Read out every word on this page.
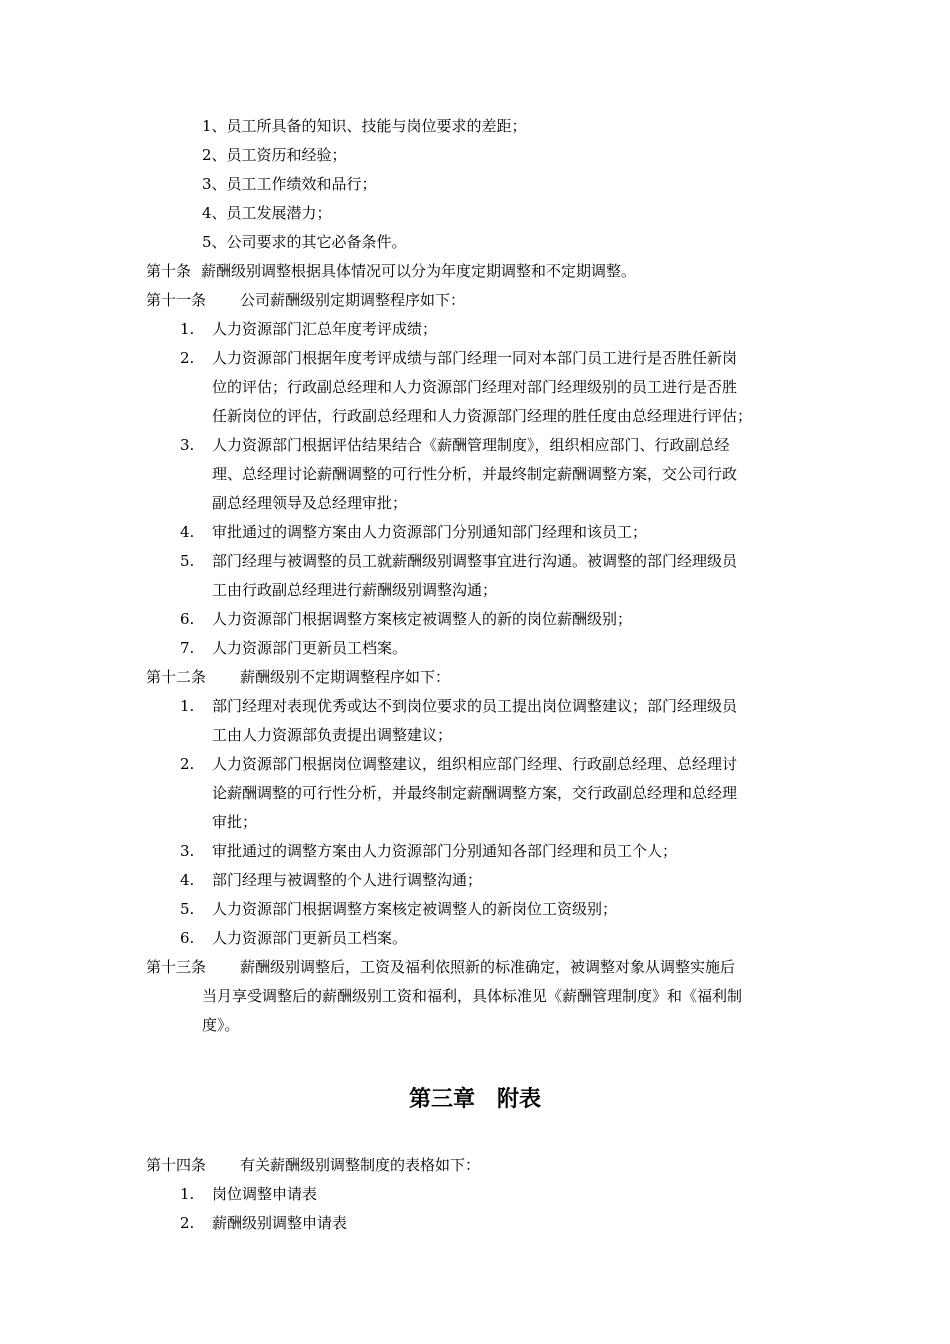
1、员工所具备的知识、技能与岗位要求的差距；
2、员工资历和经验；
3、员工工作绩效和品行；
4、员工发展潜力；
5、公司要求的其它必备条件。
第十条 薪酬级别调整根据具体情况可以分为年度定期调整和不定期调整。
第十一条 公司薪酬级别定期调整程序如下：
1. 人力资源部门汇总年度考评成绩；
2. 人力资源部门根据年度考评成绩与部门经理一同对本部门员工进行是否胜任新岗
位的评估；行政副总经理和人力资源部门经理对部门经理级别的员工进行是否胜
任新岗位的评估，行政副总经理和人力资源部门经理的胜任度由总经理进行评估；
3. 人力资源部门根据评估结果结合《薪酬管理制度》，组织相应部门、行政副总经
理、总经理讨论薪酬调整的可行性分析，并最终制定薪酬调整方案，交公司行政
副总经理领导及总经理审批；
4. 审批通过的调整方案由人力资源部门分别通知部门经理和该员工；
5. 部门经理与被调整的员工就薪酬级别调整事宜进行沟通。被调整的部门经理级员
工由行政副总经理进行薪酬级别调整沟通；
6. 人力资源部门根据调整方案核定被调整人的新的岗位薪酬级别；
7. 人力资源部门更新员工档案。
第十二条 薪酬级别不定期调整程序如下：
1. 部门经理对表现优秀或达不到岗位要求的员工提出岗位调整建议；部门经理级员
工由人力资源部负责提出调整建议；
2. 人力资源部门根据岗位调整建议，组织相应部门经理、行政副总经理、总经理讨
论薪酬调整的可行性分析，并最终制定薪酬调整方案，交行政副总经理和总经理
审批；
3. 审批通过的调整方案由人力资源部门分别通知各部门经理和员工个人；
4. 部门经理与被调整的个人进行调整沟通；
5. 人力资源部门根据调整方案核定被调整人的新岗位工资级别；
6. 人力资源部门更新员工档案。
第十三条 薪酬级别调整后，工资及福利依照新的标准确定，被调整对象从调整实施后
当月享受调整后的薪酬级别工资和福利，具体标准见《薪酬管理制度》和《福利制
度》。
第三章　附表
第十四条 有关薪酬级别调整制度的表格如下：
1. 岗位调整申请表
2. 薪酬级别调整申请表
